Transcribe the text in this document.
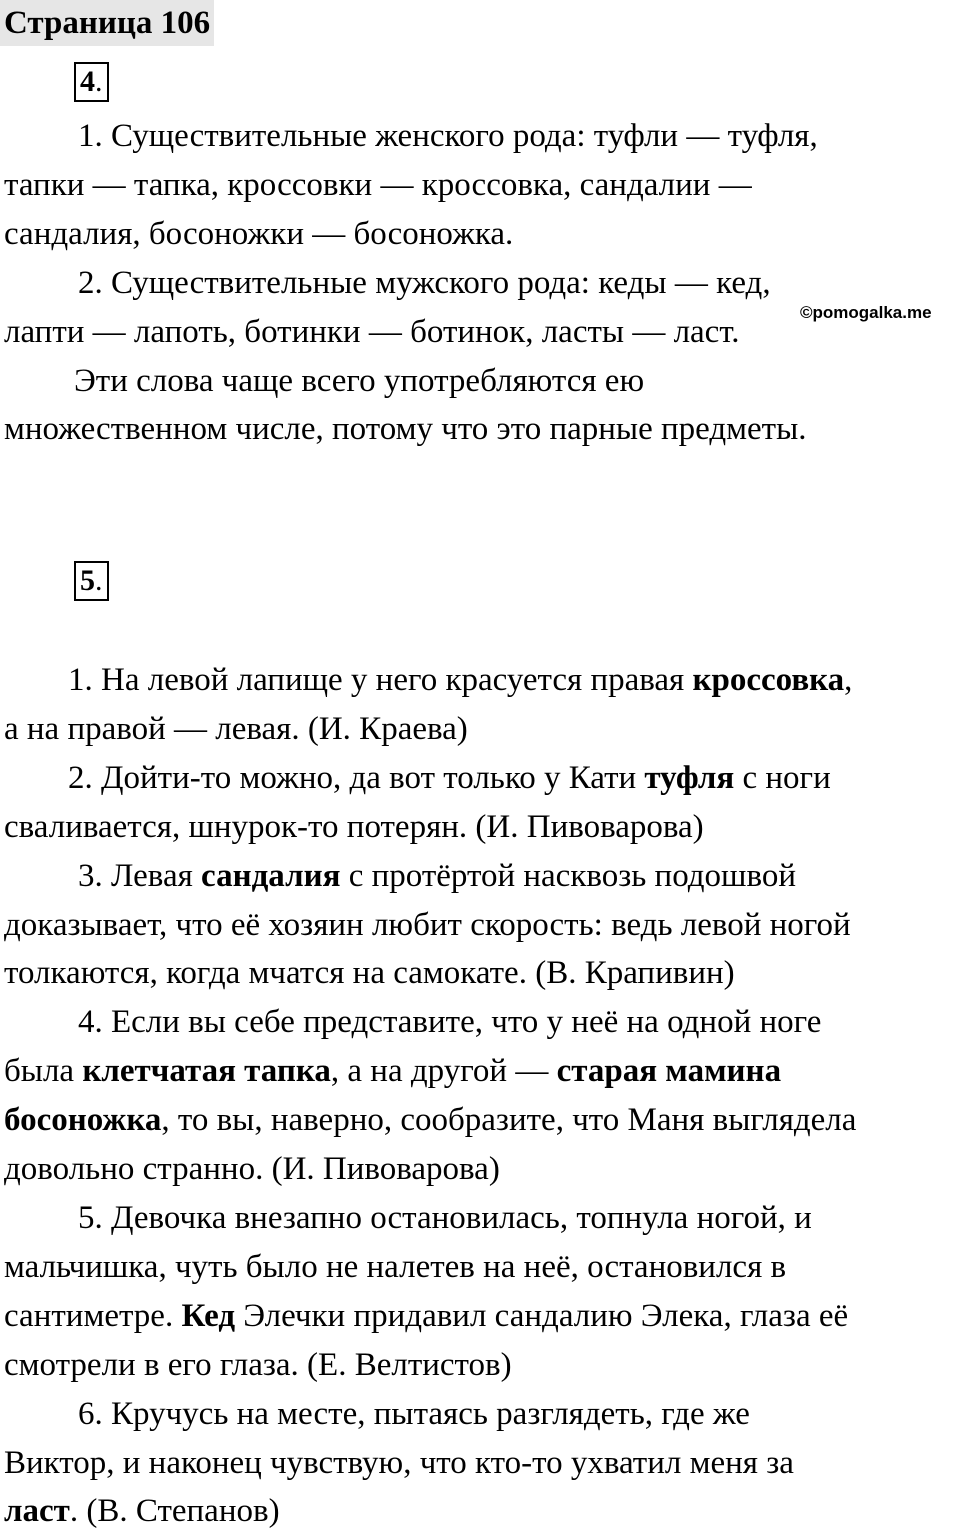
Страница 106
4.
1. Существительные женского рода: туфли — туфля,
тапки — тапка, кроссовки — кроссовка, сандалии —
сандалия, босоножки — босоножка.
2. Существительные мужского рода: кеды — кед,
лапти — лапоть, ботинки — ботинок, ласты — ласт.
Эти слова чаще всего употребляются ею
множественном числе, потому что это парные предметы.
©pomogalka.me
5.
1. На левой лапище у него красуется правая кроссовка,
а на правой — левая. (И. Краева)
2. Дойти-то можно, да вот только у Кати туфля с ноги
сваливается, шнурок-то потерян. (И. Пивоварова)
3. Левая сандалия с протёртой насквозь подошвой
доказывает, что её хозяин любит скорость: ведь левой ногой
толкаются, когда мчатся на самокате. (В. Крапивин)
4. Если вы себе представите, что у неё на одной ноге
была клетчатая тапка, а на другой — старая мамина
босоножка, то вы, наверно, сообразите, что Маня выглядела
довольно странно. (И. Пивоварова)
5. Девочка внезапно остановилась, топнула ногой, и
мальчишка, чуть было не налетев на неё, остановился в
сантиметре. Кед Элечки придавил сандалию Элека, глаза её
смотрели в его глаза. (Е. Велтистов)
6. Кручусь на месте, пытаясь разглядеть, где же
Виктор, и наконец чувствую, что кто-то ухватил меня за
ласт. (В. Степанов)
